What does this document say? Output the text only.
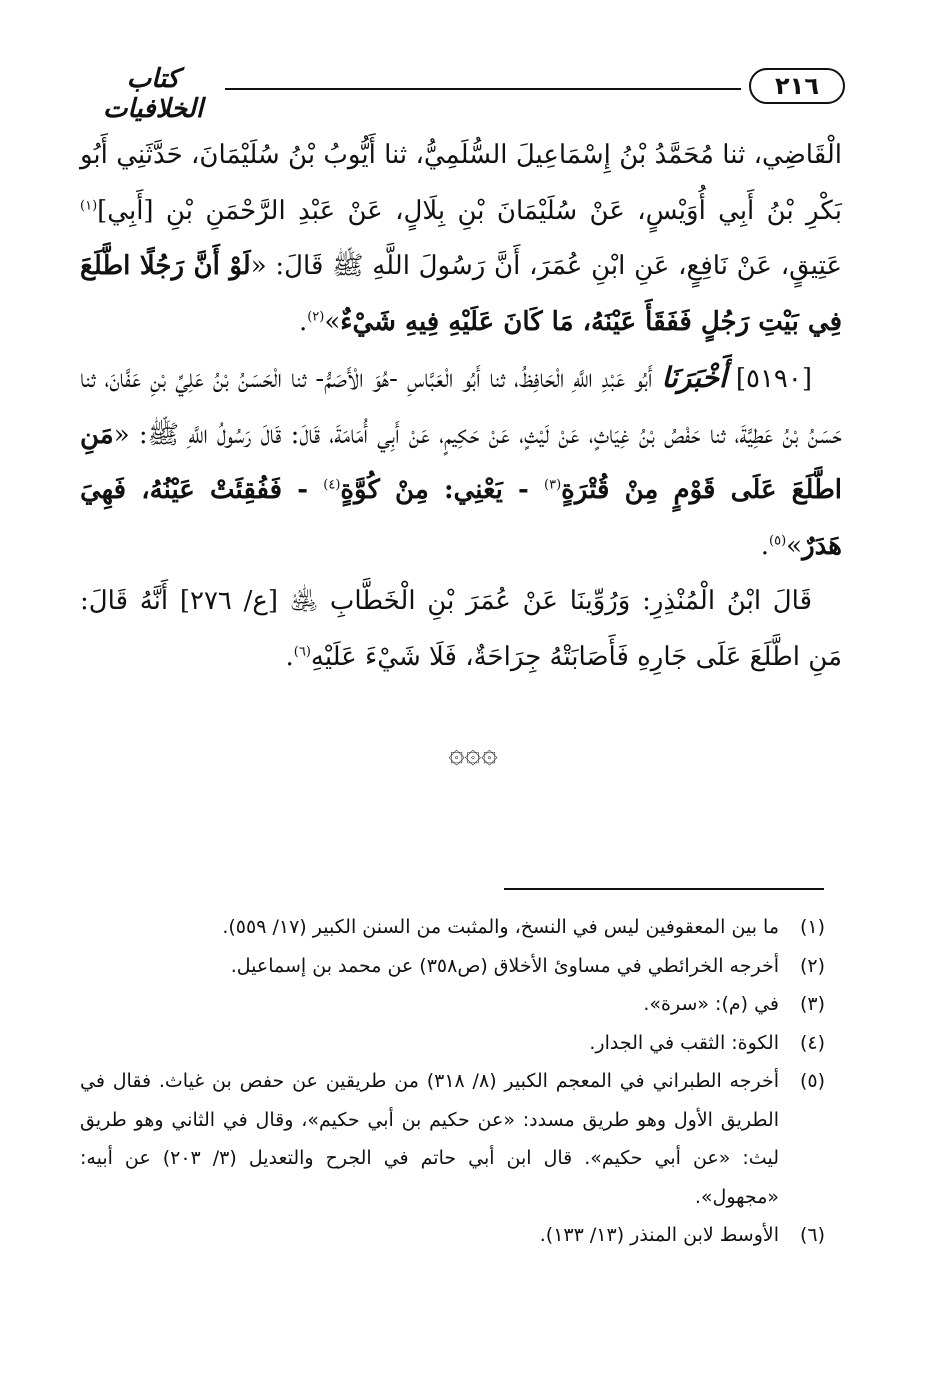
٢١٦
كتاب الخلافيات

الْقَاضِي، ثنا مُحَمَّدُ بْنُ إِسْمَاعِيلَ السُّلَمِيُّ، ثنا أَيُّوبُ بْنُ سُلَيْمَانَ، حَدَّثَنِي أَبُو بَكْرِ بْنُ أَبِي أُوَيْسٍ، عَنْ سُلَيْمَانَ بْنِ بِلَالٍ، عَنْ عَبْدِ الرَّحْمَنِ بْنِ [أَبِي]$^{(١)}$ عَتِيقٍ، عَنْ نَافِعٍ، عَنِ ابْنِ عُمَرَ، أَنَّ رَسُولَ اللَّهِ ﷺ قَالَ: «لَوْ أَنَّ رَجُلًا اطَّلَعَ فِي بَيْتِ رَجُلٍ فَفَقَأَ عَيْنَهُ، مَا كَانَ عَلَيْهِ فِيهِ شَيْءٌ»$^{(٢)}$.

[٥١٩٠] أَخْبَرَنَا أَبُو عَبْدِ اللَّهِ الْحَافِظُ، ثنا أَبُو الْعَبَّاسِ -هُوَ الْأَصَمُّ- ثنا الْحَسَنُ بْنُ عَلِيِّ بْنِ عَفَّانَ، ثنا حَسَنُ بْنُ عَطِيَّةَ، ثنا حَفْصُ بْنُ غِيَاثٍ، عَنْ لَيْثٍ، عَنْ حَكِيمٍ، عَنْ أَبِي أُمَامَةَ، قَالَ: قَالَ رَسُولُ اللَّهِ ﷺ: «مَنِ اطَّلَعَ عَلَى قَوْمٍ مِنْ قُتْرَةٍ$^{(٣)}$ - يَعْنِي: مِنْ كُوَّةٍ$^{(٤)}$ - فَفُقِئَتْ عَيْنُهُ، فَهِيَ هَدَرٌ»$^{(٥)}$.

قَالَ ابْنُ الْمُنْذِرِ: وَرُوِّينَا عَنْ عُمَرَ بْنِ الْخَطَّابِ ﵁ [ع/ ٢٧٦] أَنَّهُ قَالَ: مَنِ اطَّلَعَ عَلَى جَارِهِ فَأَصَابَتْهُ جِرَاحَةٌ، فَلَا شَيْءَ عَلَيْهِ$^{(٦)}$.

۞۞۞
(١)
ما بين المعقوفين ليس في النسخ، والمثبت من السنن الكبير (١٧/ ٥٥٩).
(٢)
أخرجه الخرائطي في مساوئ الأخلاق (ص٣٥٨) عن محمد بن إسماعيل.
(٣)
في (م): «سرة».
(٤)
الكوة: الثقب في الجدار.
(٥)
أخرجه الطبراني في المعجم الكبير (٨/ ٣١٨) من طريقين عن حفص بن غياث. فقال في الطريق الأول وهو طريق مسدد: «عن حكيم بن أبي حكيم»، وقال في الثاني وهو طريق ليث: «عن أبي حكيم». قال ابن أبي حاتم في الجرح والتعديل (٣/ ٢٠٣) عن أبيه: «مجهول».
(٦)
الأوسط لابن المنذر (١٣/ ١٣٣).
